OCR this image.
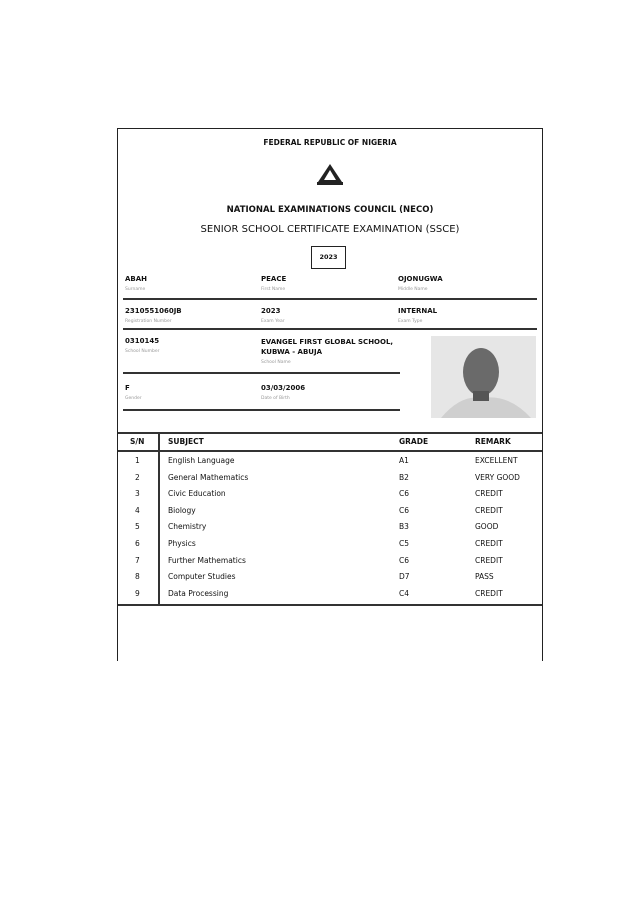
FEDERAL REPUBLIC OF NIGERIA
NATIONAL EXAMINATIONS COUNCIL (NECO)
SENIOR SCHOOL CERTIFICATE EXAMINATION (SSCE)
2023
ABAH
Surname
PEACE
First Name
OJONUGWA
Middle Name
2310551060JB
Registration Number
2023
Exam Year
INTERNAL
Exam Type
0310145
School Number
EVANGEL FIRST GLOBAL SCHOOL, KUBWA - ABUJA
School Name
F
Gender
03/03/2006
Date of Birth
S/N	SUBJECT	GRADE	REMARK
1	English Language	A1	EXCELLENT
2	General Mathematics	B2	VERY GOOD
3	Civic Education	C6	CREDIT
4	Biology	C6	CREDIT
5	Chemistry	B3	GOOD
6	Physics	C5	CREDIT
7	Further Mathematics	C6	CREDIT
8	Computer Studies	D7	PASS
9	Data Processing	C4	CREDIT
